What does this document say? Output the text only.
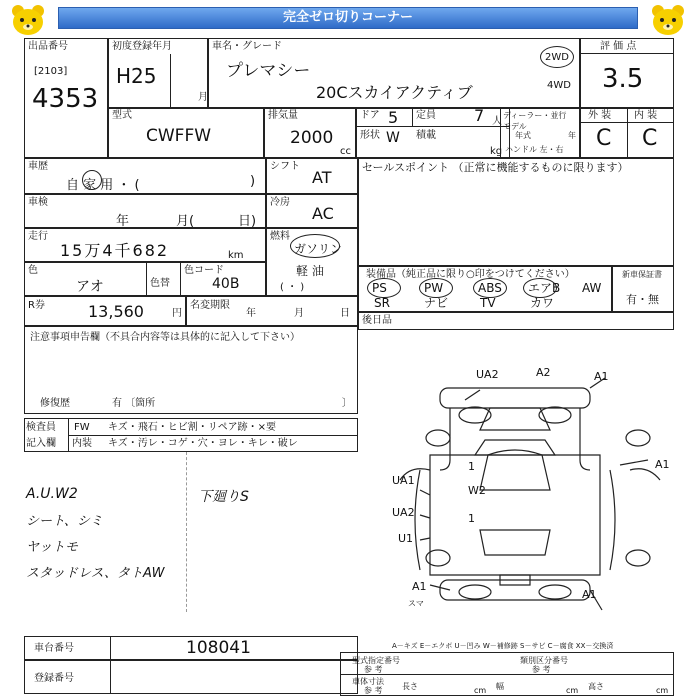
完全ゼロ切りコーナー
出品番号
[2103]
4353
初度登録年月
H25
月
車名・グレード
プレマシー
20Cスカイアクティブ
2WD
4WD
評 価 点
3.5
型式
CWFFW
排気量
2000
cc
ドア 5 定員 7 人
形状 W 積載
kg
ディーラー・並行
モデル
年式	年
ハンドル 左・右
外 装 内 装
C C
車歴
自 家 用 ・ (	)
車検
年	月(	日)
走行
15万4千682	km
色
アオ	色替
色コード
40B
シフト
AT
冷房
AC
燃料
ガソリン
軽 油
( ・ )
R券	13,560	円
名変期限
年	月	日
セールスポイント （正常に機能するものに限ります）
装備品（純正品に限り○印をつけてください）	新車保証書
有・無
後日品
PS	PW	ABS エアB AW
SR	ナビ	TV	カワ
注意事項申告欄（不具合内容等は具体的に記入して下さい）
修復歴	有 〔箇所	〕
検査員
記入欄
FW キズ・飛石・ヒビ割・リペア跡・×要
内装 キズ・汚レ・コゲ・穴・ヨレ・キレ・破レ
A.U.W2
シート、シミ
ヤットモ
スタッドレス、タトAW
下廻りS
UA2	A2	A1
A1
UA1
W2
UA2
U1
A1
A1
スマ
1
1
車台番号	108041
登録番号
A－キズ E－エクボ U－凹み W－補修跡 S－サビ C－腐食 XX－交換済
型式指定番号
参 考
類別区分番号
参 考
車体寸法
参 考 長さ	cm 幅	cm 高さ	cm
